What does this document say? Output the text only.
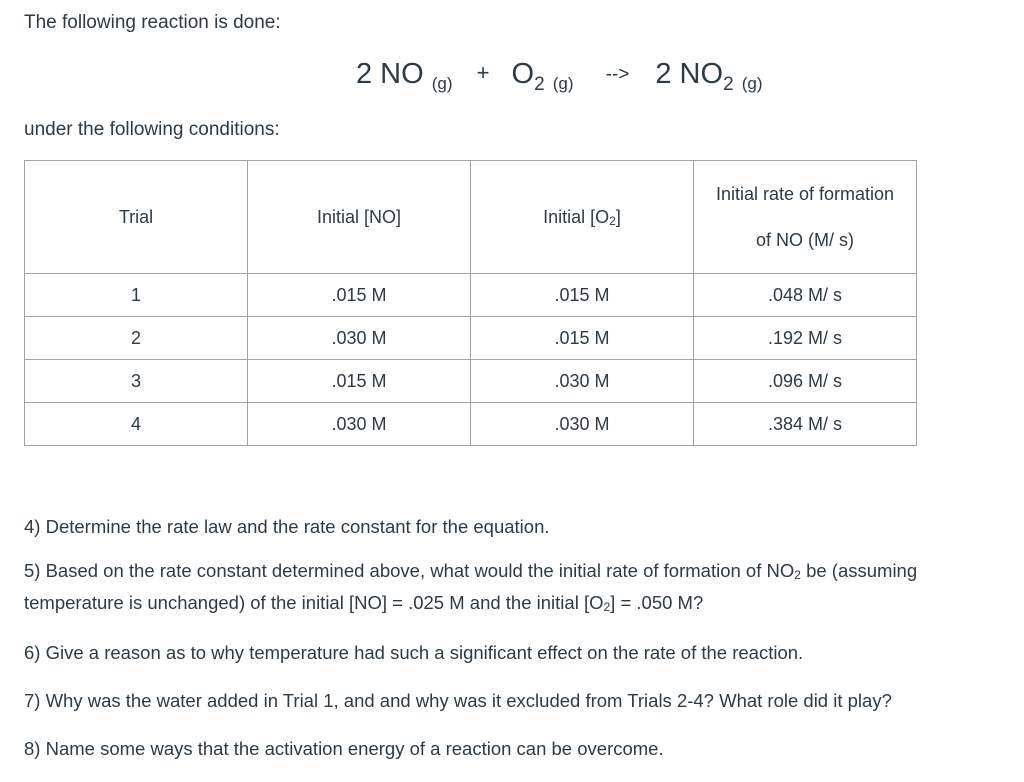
The following reaction is done:
2 NO $_{(g)} + O_2$ $_{(g)}$ --> 2 $NO_2$ $_{(g)}$
under the following conditions:
Trial	Initial [NO]	Initial $[O_2]$	Initial rate of formation
of NO (M/ s)
1	.015 M	.015 M	.048 M/ s
2	.030 M	.015 M	.192 M/ s
3	.015 M	.030 M	.096 M/ s
4	.030 M	.030 M	.384 M/ s

4) Determine the rate law and the rate constant for the equation.

5) Based on the rate constant determined above, what would the initial rate of formation of $NO_2$ be (assuming temperature is unchanged) of the initial [NO] = .025 M and the initial $[O_2] = .050$ M?

6) Give a reason as to why temperature had such a significant effect on the rate of the reaction.

7) Why was the water added in Trial 1, and and why was it excluded from Trials 2-4? What role did it play?

8) Name some ways that the activation energy of a reaction can be overcome.
